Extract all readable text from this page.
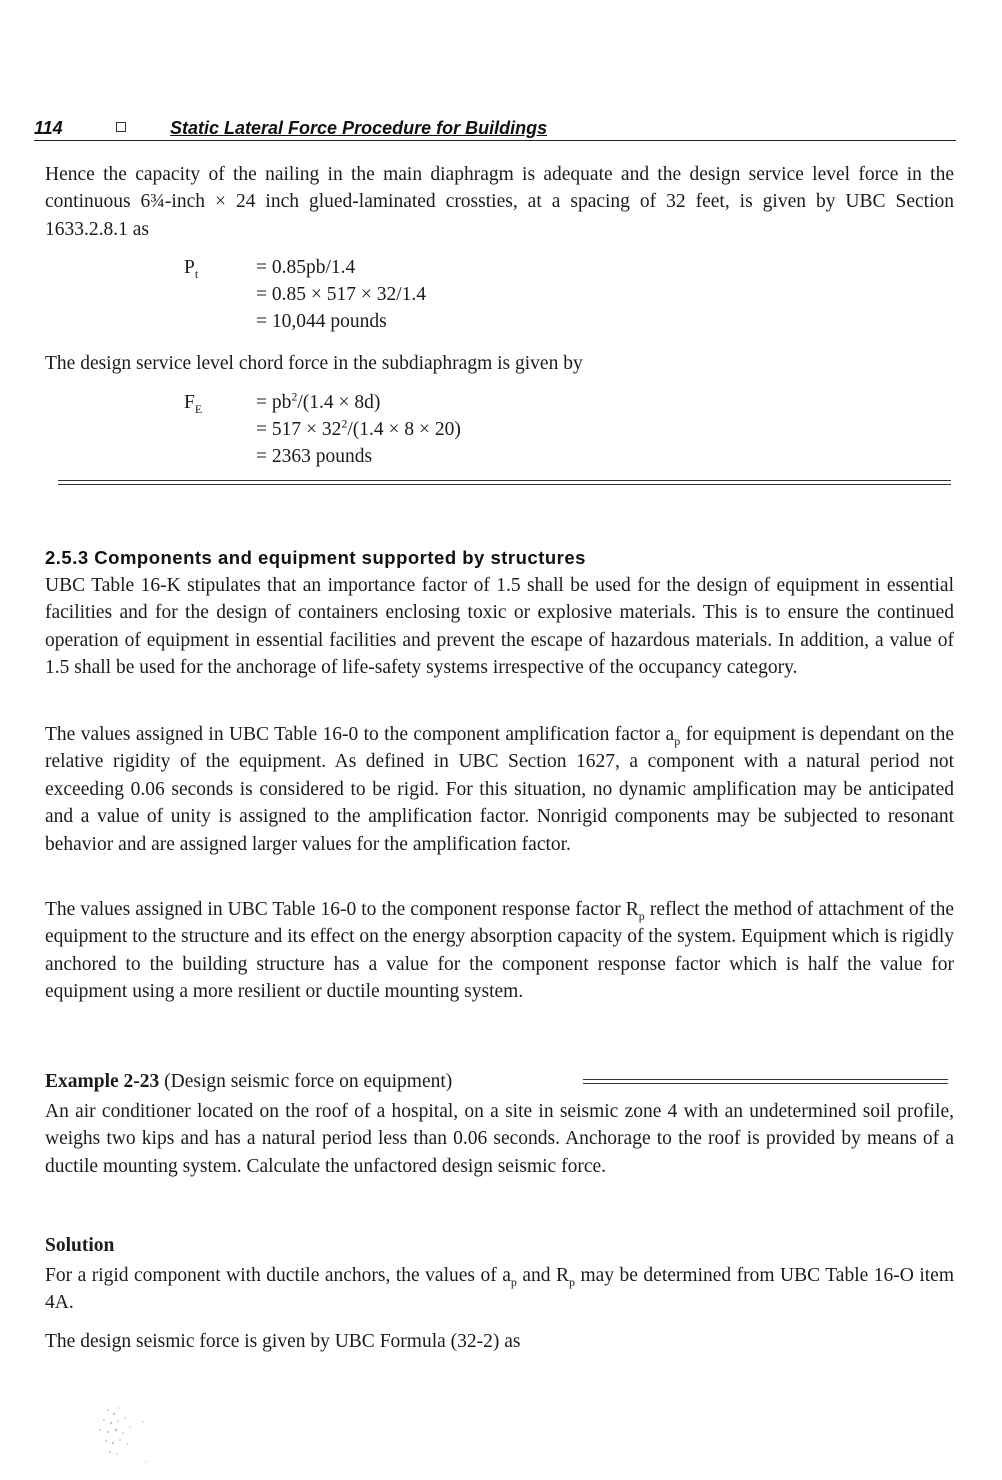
114	Static Lateral Force Procedure for Buildings

Hence the capacity of the nailing in the main diaphragm is adequate and the design service level force in the continuous 6¾-inch × 24 inch glued-laminated crossties, at a spacing of 32 feet, is given by UBC Section 1633.2.8.1 as

$P_t$	= 0.85pb/1.4
= 0.85 × 517 × 32/1.4
= 10,044 pounds

The design service level chord force in the subdiaphragm is given by

$F_E$	= $pb^2/(1.4 \times 8d)$
= $517 \times 32^2/(1.4 \times 8 \times 20)$
= 2363 pounds
2.5.3 Components and equipment supported by structures

UBC Table 16-K stipulates that an importance factor of 1.5 shall be used for the design of equipment in essential facilities and for the design of containers enclosing toxic or explosive materials. This is to ensure the continued operation of equipment in essential facilities and prevent the escape of hazardous materials. In addition, a value of 1.5 shall be used for the anchorage of life-safety systems irrespective of the occupancy category.

The values assigned in UBC Table 16-0 to the component amplification factor $a_p$ for equipment is dependant on the relative rigidity of the equipment. As defined in UBC Section 1627, a component with a natural period not exceeding 0.06 seconds is considered to be rigid. For this situation, no dynamic amplification may be anticipated and a value of unity is assigned to the amplification factor. Nonrigid components may be subjected to resonant behavior and are assigned larger values for the amplification factor.

The values assigned in UBC Table 16-0 to the component response factor $R_p$ reflect the method of attachment of the equipment to the structure and its effect on the energy absorption capacity of the system. Equipment which is rigidly anchored to the building structure has a value for the component response factor which is half the value for equipment using a more resilient or ductile mounting system.

Example 2-23 (Design seismic force on equipment)

An air conditioner located on the roof of a hospital, on a site in seismic zone 4 with an undetermined soil profile, weighs two kips and has a natural period less than 0.06 seconds. Anchorage to the roof is provided by means of a ductile mounting system. Calculate the unfactored design seismic force.

Solution

For a rigid component with ductile anchors, the values of $a_p$ and $R_p$ may be determined from UBC Table 16-O item 4A.

The design seismic force is given by UBC Formula (32-2) as
